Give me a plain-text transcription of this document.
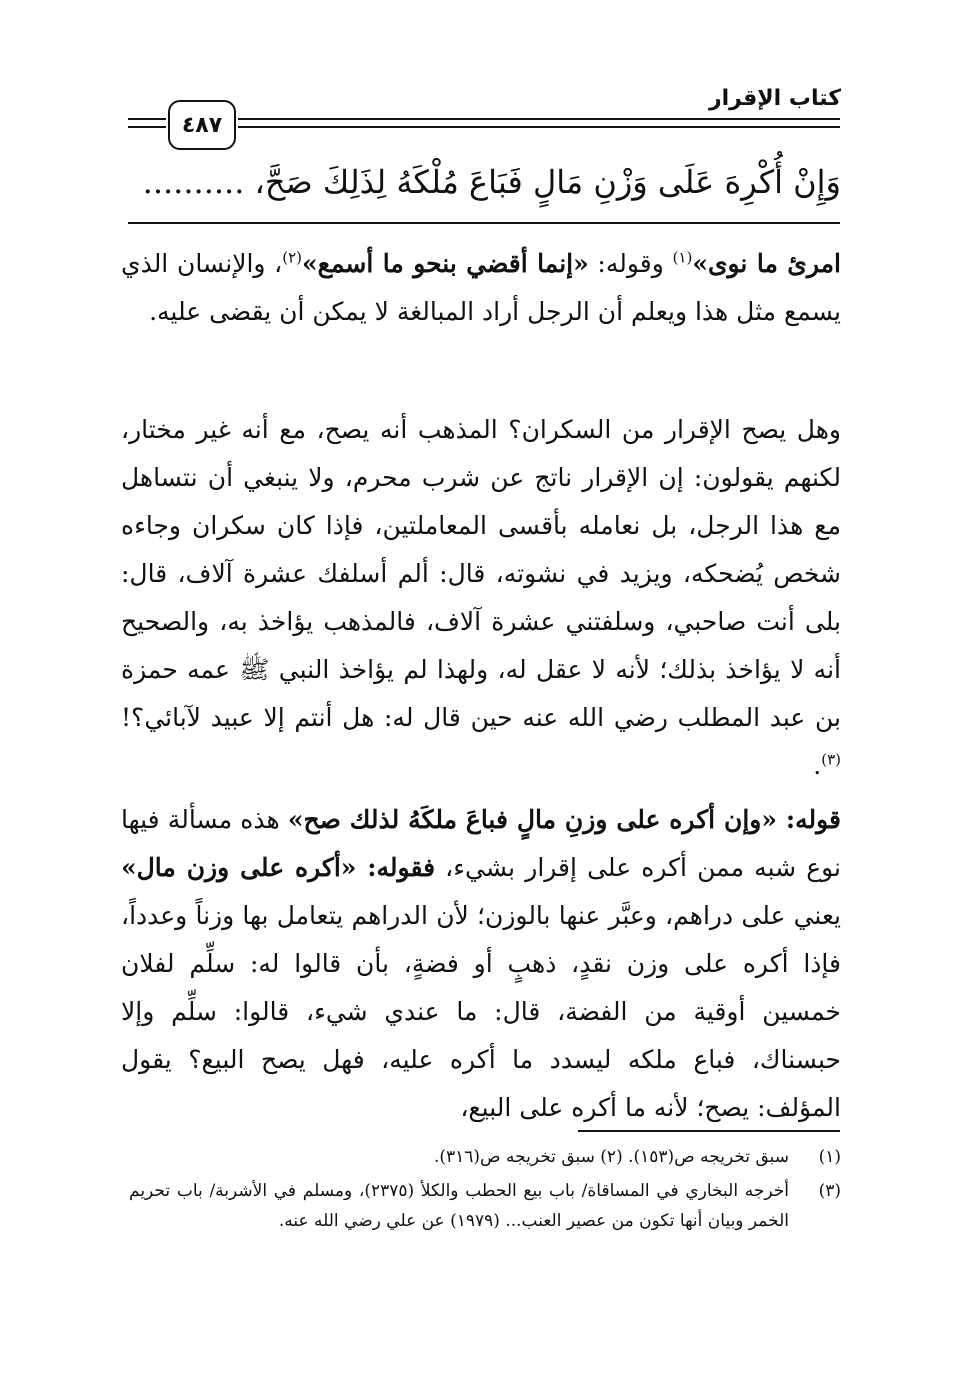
كتاب الإقرار
٤٨٧
وَإِنْ أُكْرِهَ عَلَى وَزْنِ مَالٍ فَبَاعَ مُلْكَهُ لِذَلِكَ صَحَّ، ..........
امرئ ما نوى»$^{(١)}$ وقوله: «إنما أقضي بنحو ما أسمع»$^{(٢)}$، والإنسان الذي يسمع مثل هذا ويعلم أن الرجل أراد المبالغة لا يمكن أن يقضى عليه.
وهل يصح الإقرار من السكران؟ المذهب أنه يصح، مع أنه غير مختار، لكنهم يقولون: إن الإقرار ناتج عن شرب محرم، ولا ينبغي أن نتساهل مع هذا الرجل، بل نعامله بأقسى المعاملتين، فإذا كان سكران وجاءه شخص يُضحكه، ويزيد في نشوته، قال: ألم أسلفك عشرة آلاف، قال: بلى أنت صاحبي، وسلفتني عشرة آلاف، فالمذهب يؤاخذ به، والصحيح أنه لا يؤاخذ بذلك؛ لأنه لا عقل له، ولهذا لم يؤاخذ النبي ﷺ عمه حمزة بن عبد المطلب رضي الله عنه حين قال له: هل أنتم إلا عبيد لآبائي؟!$^{(٣)}$.
قوله: «وإن أكره على وزنِ مالٍ فباعَ ملكَهُ لذلك صح» هذه مسألة فيها نوع شبه ممن أكره على إقرار بشيء، فقوله: «أكره على وزن مال» يعني على دراهم، وعبَّر عنها بالوزن؛ لأن الدراهم يتعامل بها وزناً وعدداً، فإذا أكره على وزن نقدٍ، ذهبٍ أو فضةٍ، بأن قالوا له: سلِّم لفلان خمسين أوقية من الفضة، قال: ما عندي شيء، قالوا: سلِّم وإلا حبسناك، فباع ملكه ليسدد ما أكره عليه، فهل يصح البيع؟ يقول المؤلف: يصح؛ لأنه ما أكره على البيع،
(١)سبق تخريجه ص(١٥٣). (٢) سبق تخريجه ص(٣١٦).
(٣)أخرجه البخاري في المساقاة/ باب بيع الحطب والكلأ (٢٣٧٥)، ومسلم في الأشربة/ باب تحريم الخمر وبيان أنها تكون من عصير العنب... (١٩٧٩) عن علي رضي الله عنه.
